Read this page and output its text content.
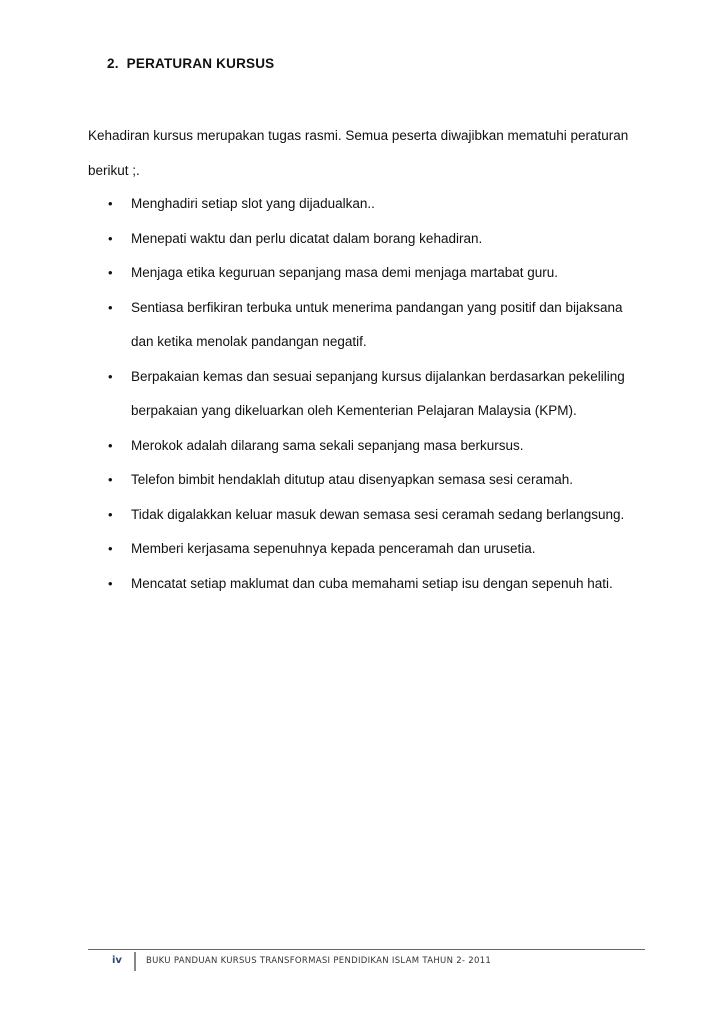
2. PERATURAN KURSUS

Kehadiran kursus merupakan tugas rasmi. Semua peserta diwajibkan mematuhi peraturan berikut ;.

• Menghadiri setiap slot yang dijadualkan..
• Menepati waktu dan perlu dicatat dalam borang kehadiran.
• Menjaga etika keguruan sepanjang masa demi menjaga martabat guru.
• Sentiasa berfikiran terbuka untuk menerima pandangan yang positif dan bijaksana dan ketika menolak pandangan negatif.
• Berpakaian kemas dan sesuai sepanjang kursus dijalankan berdasarkan pekeliling berpakaian yang dikeluarkan oleh Kementerian Pelajaran Malaysia (KPM).
• Merokok adalah dilarang sama sekali sepanjang masa berkursus.
• Telefon bimbit hendaklah ditutup atau disenyapkan semasa sesi ceramah.
• Tidak digalakkan keluar masuk dewan semasa sesi ceramah sedang berlangsung.
• Memberi kerjasama sepenuhnya kepada penceramah dan urusetia.
• Mencatat setiap maklumat dan cuba memahami setiap isu dengan sepenuh hati.
iv	BUKU PANDUAN KURSUS TRANSFORMASI PENDIDIKAN ISLAM TAHUN 2- 2011
